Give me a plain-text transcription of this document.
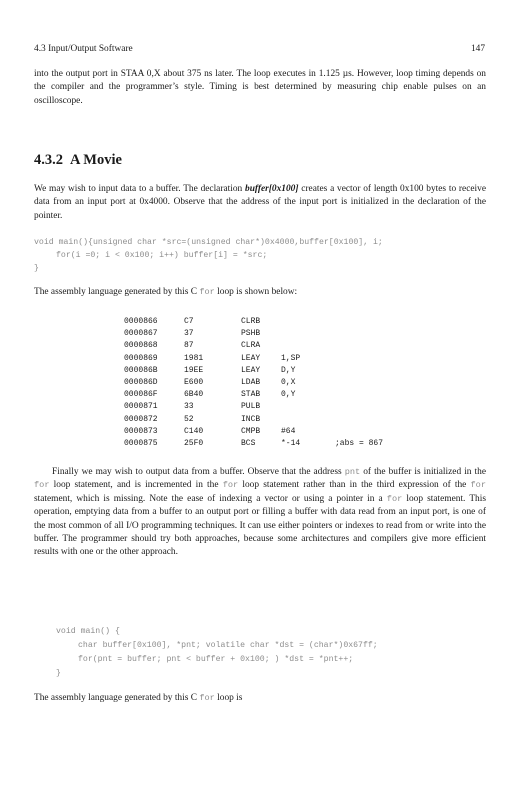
4.3 Input/Output Software	147

into the output port in STAA 0,X about 375 ns later. The loop executes in 1.125 µs. However, loop timing depends on the compiler and the programmer’s style. Timing is best determined by measuring chip enable pulses on an oscilloscope.

4.3.2 A Movie

We may wish to input data to a buffer. The declaration buffer[0x100] creates a vector of length 0x100 bytes to receive data from an input port at 0x4000. Observe that the address of the input port is initialized in the declaration of the pointer.

void main(){unsigned char *src=(unsigned char*)0x4000,buffer[0x100], i;
for(i =0; i < 0x100; i++) buffer[i] = *src;
}

The assembly language generated by this C for loop is shown below:

0000866	C7	CLRB		
0000867	37	PSHB		
0000868	87	CLRA		
0000869	1981	LEAY	1,SP	
000086B	19EE	LEAY	D,Y	
000086D	E600	LDAB	0,X	
000086F	6B40	STAB	0,Y	
0000871	33	PULB		
0000872	52	INCB		
0000873	C140	CMPB	#64	
0000875	25F0	BCS	*-14	;abs = 867

Finally we may wish to output data from a buffer. Observe that the address pnt of the buffer is initialized in the for loop statement, and is incremented in the for loop statement rather than in the third expression of the for statement, which is missing. Note the ease of indexing a vector or using a pointer in a for loop statement. This operation, emptying data from a buffer to an output port or filling a buffer with data read from an input port, is one of the most common of all I/O programming techniques. It can use either pointers or indexes to read from or write into the buffer. The programmer should try both approaches, because some architectures and compilers give more efficient results with one or the other approach.

void main() {
char buffer[0x100], *pnt; volatile char *dst = (char*)0x67ff;
for(pnt = buffer; pnt < buffer + 0x100; ) *dst = *pnt++;
}

The assembly language generated by this C for loop is
